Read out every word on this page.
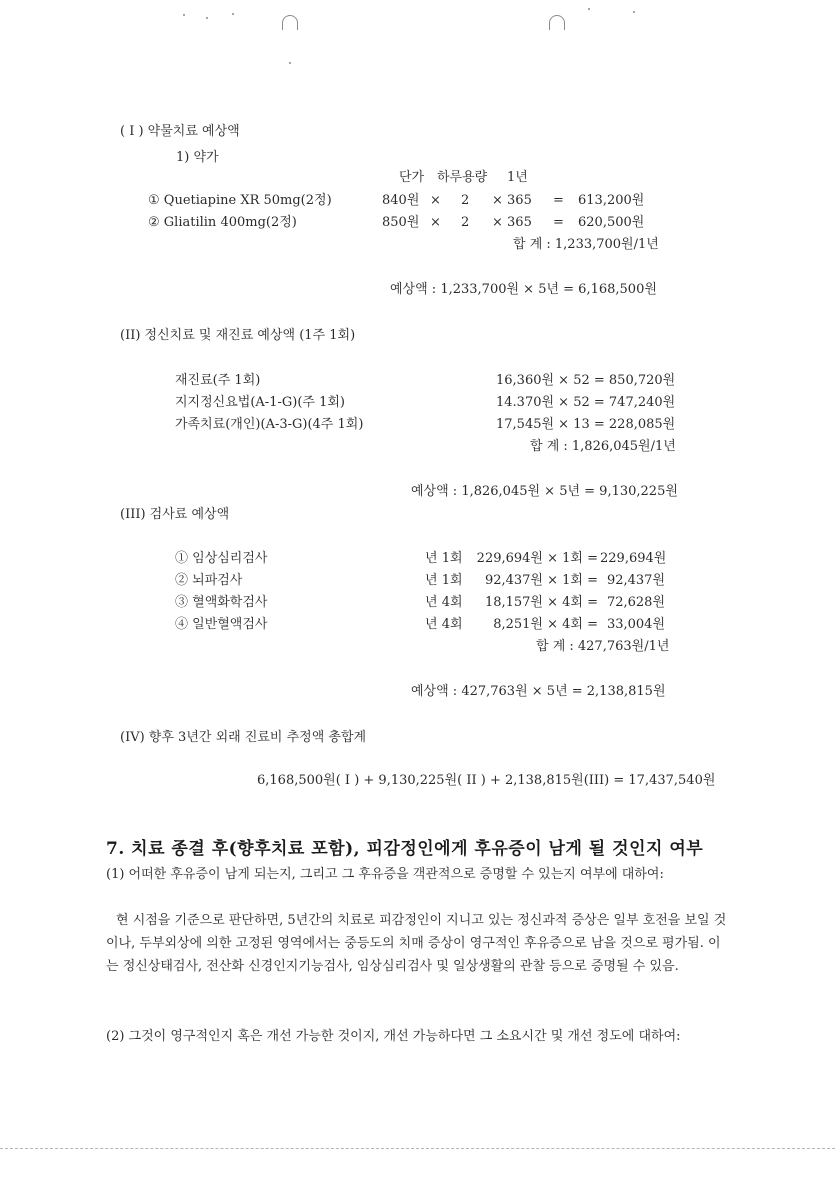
( I ) 약물치료 예상액
1) 약가
단가 하루용량 1년
① Quetiapine XR 50mg(2정)	840원 × 2 × 365 = 613,200원
② Gliatilin 400mg(2정)	850원 × 2 × 365 = 620,500원
합 계 : 1,233,700원/1년
예상액 : 1,233,700원 × 5년 = 6,168,500원
(II) 정신치료 및 재진료 예상액 (1주 1회)
재진료(주 1회)	16,360원 × 52 = 850,720원
지지정신요법(A-1-G)(주 1회)	14.370원 × 52 = 747,240원
가족치료(개인)(A-3-G)(4주 1회)	17,545원 × 13 = 228,085원
합 계 : 1,826,045원/1년
예상액 : 1,826,045원 × 5년 = 9,130,225원
(III) 검사료 예상액
① 임상심리검사	년 1회	229,694원 × 1회 = 229,694원
② 뇌파검사	년 1회	92,437원 × 1회 = 92,437원
③ 혈액화학검사	년 4회	18,157원 × 4회 = 72,628원
④ 일반혈액검사	년 4회	8,251원 × 4회 = 33,004원
합 계 : 427,763원/1년
예상액 : 427,763원 × 5년 = 2,138,815원
(IV) 향후 3년간 외래 진료비 추정액 총합계
6,168,500원( I ) + 9,130,225원( II ) + 2,138,815원(III) = 17,437,540원
7. 치료 종결 후(향후치료 포함), 피감정인에게 후유증이 남게 될 것인지 여부
(1) 어떠한 후유증이 남게 되는지, 그리고 그 후유증을 객관적으로 증명할 수 있는지 여부에 대하여:
현 시점을 기준으로 판단하면, 5년간의 치료로 피감정인이 지니고 있는 정신과적 증상은 일부 호전을 보일 것이나, 두부외상에 의한 고정된 영역에서는 중등도의 치매 증상이 영구적인 후유증으로 남을 것으로 평가됨. 이는 정신상태검사, 전산화 신경인지기능검사, 임상심리검사 및 일상생활의 관찰 등으로 증명될 수 있음.
(2) 그것이 영구적인지 혹은 개선 가능한 것이지, 개선 가능하다면 그 소요시간 및 개선 정도에 대하여:
